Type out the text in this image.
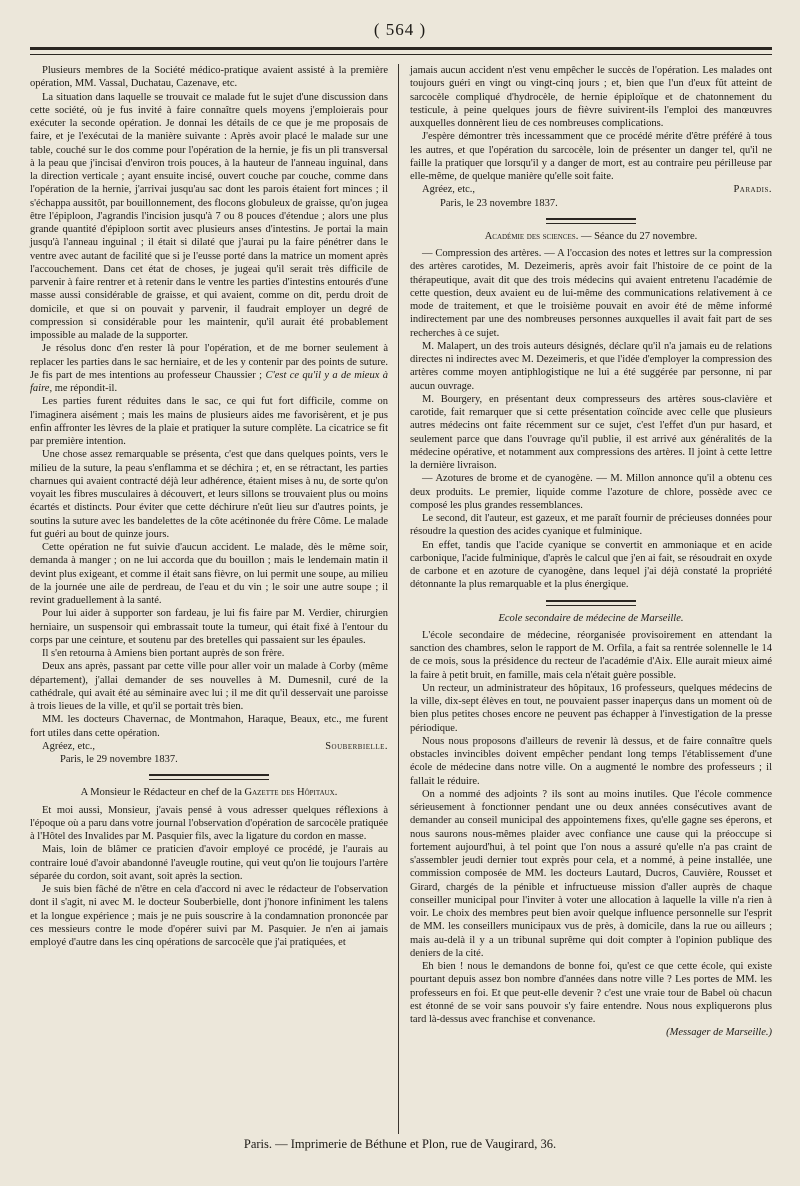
( 564 )

Plusieurs membres de la Société médico-pratique avaient assisté à la première opération, MM. Vassal, Duchatau, Cazenave, etc.

La situation dans laquelle se trouvait ce malade fut le sujet d'une discussion dans cette société, où je fus invité à faire connaître quels moyens j'emploierais pour exécuter la seconde opération. Je donnai les détails de ce que je me proposais de faire, et je l'exécutai de la manière suivante : Après avoir placé le malade sur une table, couché sur le dos comme pour l'opération de la hernie, je fis un pli transversal à la peau que j'incisai d'environ trois pouces, à la hauteur de l'anneau inguinal, dans la direction verticale ; ayant ensuite incisé, ouvert couche par couche, comme dans l'opération de la hernie, j'arrivai jusqu'au sac dont les parois étaient fort minces ; il s'échappa aussitôt, par bouillonnement, des flocons globuleux de graisse, qu'on jugea être l'épiploon, J'agrandis l'incision jusqu'à 7 ou 8 pouces d'étendue ; alors une plus grande quantité d'épiploon sortit avec plusieurs anses d'intestins. Je portai la main jusqu'à l'anneau inguinal ; il était si dilaté que j'aurai pu la faire pénétrer dans le ventre avec autant de facilité que si je l'eusse porté dans la matrice un moment après l'accouchement. Dans cet état de choses, je jugeai qu'il serait très difficile de parvenir à faire rentrer et à retenir dans le ventre les parties d'intestins entourés d'une masse aussi considérable de graisse, et qui avaient, comme on dit, perdu droit de domicile, et que si on pouvait y parvenir, il faudrait employer un degré de compression si considérable pour les maintenir, qu'il aurait été probablement impossible au malade de la supporter.

Je résolus donc d'en rester là pour l'opération, et de me borner seulement à replacer les parties dans le sac herniaire, et de les y contenir par des points de suture. Je fis part de mes intentions au professeur Chaussier ; C'est ce qu'il y a de mieux à faire, me répondit-il.

Les parties furent réduites dans le sac, ce qui fut fort difficile, comme on l'imaginera aisément ; mais les mains de plusieurs aides me favorisèrent, et je pus enfin affronter les lèvres de la plaie et pratiquer la suture complète. La cicatrice se fit par première intention.

Une chose assez remarquable se présenta, c'est que dans quelques points, vers le milieu de la suture, la peau s'enflamma et se déchira ; et, en se rétractant, les parties charnues qui avaient contracté déjà leur adhérence, étaient mises à nu, de sorte qu'on voyait les fibres musculaires à découvert, et leurs sillons se trouvaient plus ou moins écartés et distincts. Pour éviter que cette déchirure n'eût lieu sur d'autres points, je soutins la suture avec les bandelettes de la côte acétinonée du frère Côme. Le malade fut guéri au bout de quinze jours.

Cette opération ne fut suivie d'aucun accident. Le malade, dès le même soir, demanda à manger ; on ne lui accorda que du bouillon ; mais le lendemain matin il devint plus exigeant, et comme il était sans fièvre, on lui permit une soupe, au milieu de la journée une aile de perdreau, de l'eau et du vin ; le soir une autre soupe ; il revint graduellement à la santé.

Pour lui aider à supporter son fardeau, je lui fis faire par M. Verdier, chirurgien herniaire, un suspensoir qui embrassait toute la tumeur, qui était fixé à l'entour du corps par une ceinture, et soutenu par des bretelles qui passaient sur les épaules.

Il s'en retourna à Amiens bien portant auprès de son frère.

Deux ans après, passant par cette ville pour aller voir un malade à Corby (même département), j'allai demander de ses nouvelles à M. Dumesnil, curé de la cathédrale, qui avait été au séminaire avec lui ; il me dit qu'il desservait une paroisse à trois lieues de la ville, et qu'il se portait très bien.

MM. les docteurs Chavernac, de Montmahon, Haraque, Beaux, etc., me furent fort utiles dans cette opération.

Agréez, etc.,	Souberbielle.

Paris, le 29 novembre 1837.

A Monsieur le Rédacteur en chef de la Gazette des Hôpitaux.

Et moi aussi, Monsieur, j'avais pensé à vous adresser quelques réflexions à l'époque où a paru dans votre journal l'observation d'opération de sarcocèle pratiquée à l'Hôtel des Invalides par M. Pasquier fils, avec la ligature du cordon en masse.

Mais, loin de blâmer ce praticien d'avoir employé ce procédé, je l'aurais au contraire loué d'avoir abandonné l'aveugle routine, qui veut qu'on lie toujours l'artère séparée du cordon, soit avant, soit après la section.

Je suis bien fâché de n'être en cela d'accord ni avec le rédacteur de l'observation dont il s'agit, ni avec M. le docteur Souberbielle, dont j'honore infiniment les talens et la longue expérience ; mais je ne puis souscrire à la condamnation prononcée par ces messieurs contre le mode d'opérer suivi par M. Pasquier. Je n'en ai jamais employé d'autre dans les cinq opérations de sarcocèle que j'ai pratiquées, et

jamais aucun accident n'est venu empêcher le succès de l'opération. Les malades ont toujours guéri en vingt ou vingt-cinq jours ; et, bien que l'un d'eux fût atteint de sarcocèle compliqué d'hydrocèle, de hernie épiploïque et de chatonnement du testicule, à peine quelques jours de fièvre suivirent-ils l'emploi des manœuvres auxquelles donnèrent lieu de ces nombreuses complications.

J'espère démontrer très incessamment que ce procédé mérite d'être préféré à tous les autres, et que l'opération du sarcocèle, loin de présenter un danger tel, qu'il ne faille la pratiquer que lorsqu'il y a danger de mort, est au contraire peu périlleuse par elle-même, de quelque manière qu'elle soit faite.

Agréez, etc.,	Paradis.

Paris, le 23 novembre 1837.

Académie des sciences. — Séance du 27 novembre.

— Compression des artères. — A l'occasion des notes et lettres sur la compression des artères carotides, M. Dezeimeris, après avoir fait l'histoire de ce point de la thérapeutique, avait dit que des trois médecins qui avaient entretenu l'académie de cette question, deux avaient eu de lui-même des communications relativement à ce mode de traitement, et que le troisième pouvait en avoir été de même informé indirectement par une des nombreuses personnes auxquelles il avait fait part de ses recherches à ce sujet.

M. Malapert, un des trois auteurs désignés, déclare qu'il n'a jamais eu de relations directes ni indirectes avec M. Dezeimeris, et que l'idée d'employer la compression des artères comme moyen antiphlogistique ne lui a été suggérée par personne, ni par aucun ouvrage.

M. Bourgery, en présentant deux compresseurs des artères sous-clavière et carotide, fait remarquer que si cette présentation coïncide avec celle que plusieurs autres médecins ont faite récemment sur ce sujet, c'est l'effet d'un pur hasard, et seulement parce que dans l'ouvrage qu'il publie, il est arrivé aux généralités de la médecine opérative, et notamment aux compressions des artères. Il joint à cette lettre la dernière livraison.

— Azotures de brome et de cyanogène. — M. Millon annonce qu'il a obtenu ces deux produits. Le premier, liquide comme l'azoture de chlore, possède avec ce composé les plus grandes ressemblances.

Le second, dit l'auteur, est gazeux, et me paraît fournir de précieuses données pour résoudre la question des acides cyanique et fulminique.

En effet, tandis que l'acide cyanique se convertit en ammoniaque et en acide carbonique, l'acide fulminique, d'après le calcul que j'en ai fait, se résoudrait en oxyde de carbone et en azoture de cyanogène, dans lequel j'ai déjà constaté la propriété détonnante la plus remarquable et la plus énergique.

Ecole secondaire de médecine de Marseille.

L'école secondaire de médecine, réorganisée provisoirement en attendant la sanction des chambres, selon le rapport de M. Orfila, a fait sa rentrée solennelle le 14 de ce mois, sous la présidence du recteur de l'académie d'Aix. Elle aurait mieux aimé la faire à petit bruit, en famille, mais cela n'était guère possible.

Un recteur, un administrateur des hôpitaux, 16 professeurs, quelques médecins de la ville, dix-sept élèves en tout, ne pouvaient passer inaperçus dans un moment où de bien plus petites choses encore ne peuvent pas échapper à l'investigation de la presse périodique.

Nous nous proposons d'ailleurs de revenir là dessus, et de faire connaître quels obstacles invincibles doivent empêcher pendant long temps l'établissement d'une école de médecine dans notre ville. On a augmenté le nombre des professeurs ; il fallait le réduire.

On a nommé des adjoints ? ils sont au moins inutiles. Que l'école commence sérieusement à fonctionner pendant une ou deux années consécutives avant de demander au conseil municipal des appointemens fixes, qu'elle gagne ses éperons, et nous saurons nous-mêmes plaider avec confiance une cause qui la préoccupe si fortement aujourd'hui, à tel point que l'on nous a assuré qu'elle n'a pas craint de s'assembler jeudi dernier tout exprès pour cela, et a nommé, à peine installée, une commission composée de MM. les docteurs Lautard, Ducros, Cauvière, Rousset et Girard, chargés de la pénible et infructueuse mission d'aller auprès de chaque conseiller municipal pour l'inviter à voter une allocation à laquelle la ville n'a rien à voir. Le choix des membres peut bien avoir quelque influence personnelle sur l'esprit de MM. les conseillers municipaux vus de près, à domicile, dans la rue ou ailleurs ; mais au-delà il y a un tribunal suprême qui doit compter à l'opinion publique des deniers de la cité.

Eh bien ! nous le demandons de bonne foi, qu'est ce que cette école, qui existe pourtant depuis assez bon nombre d'années dans notre ville ? Les portes de MM. les professeurs en foi. Et que peut-elle devenir ? c'est une vraie tour de Babel où chacun est étonné de se voir sans pouvoir s'y faire entendre. Nous nous expliquerons plus tard là-dessus avec franchise et convenance.

(Messager de Marseille.)

Paris. — Imprimerie de Béthune et Plon, rue de Vaugirard, 36.
